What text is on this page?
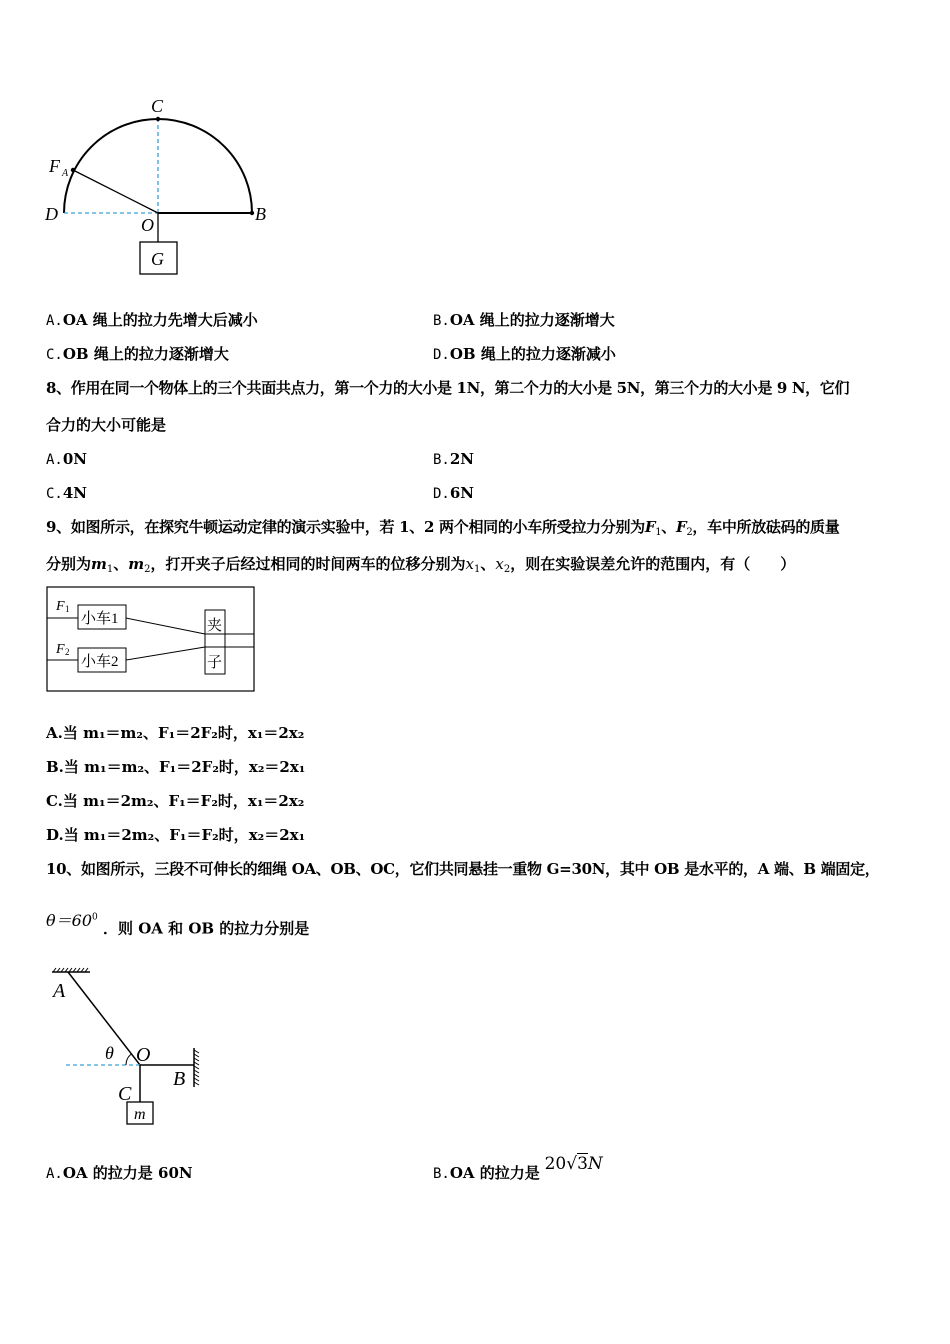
C
F A
D
O
B
G
A.OA 绳上的拉力先增大后减小	B.OA 绳上的拉力逐渐增大
C.OB 绳上的拉力逐渐增大	D.OB 绳上的拉力逐渐减小
8、作用在同一个物体上的三个共面共点力，第一个力的大小是 1N，第二个力的大小是 5N，第三个力的大小是 9 N，它们
合力的大小可能是
A.0N	B.2N
C.4N	D.6N
9、如图所示，在探究牛顿运动定律的演示实验中，若 1、2 两个相同的小车所受拉力分别为$F_1$、$F_2$，车中所放砝码的质量
分别为$m_1$、$m_2$，打开夹子后经过相同的时间两车的位移分别为$x_1$、$x_2$，则在实验误差允许的范围内，有（　　）
F 1
F 2
小车1
小车2
夹
子
A.当 m₁＝m₂、F₁＝2F₂时，x₁＝2x₂
B.当 m₁＝m₂、F₁＝2F₂时，x₂＝2x₁
C.当 m₁＝2m₂、F₁＝F₂时，x₁＝2x₂
D.当 m₁＝2m₂、F₁＝F₂时，x₂＝2x₁
10、如图所示，三段不可伸长的细绳 OA、OB、OC，它们共同悬挂一重物 G=30N，其中 OB 是水平的，A 端、B 端固定，
$\theta=60^0$ ．则 OA 和 OB 的拉力分别是
A
θ O
B
C
m
A.OA 的拉力是 60N	B.OA 的拉力是 20√3N
